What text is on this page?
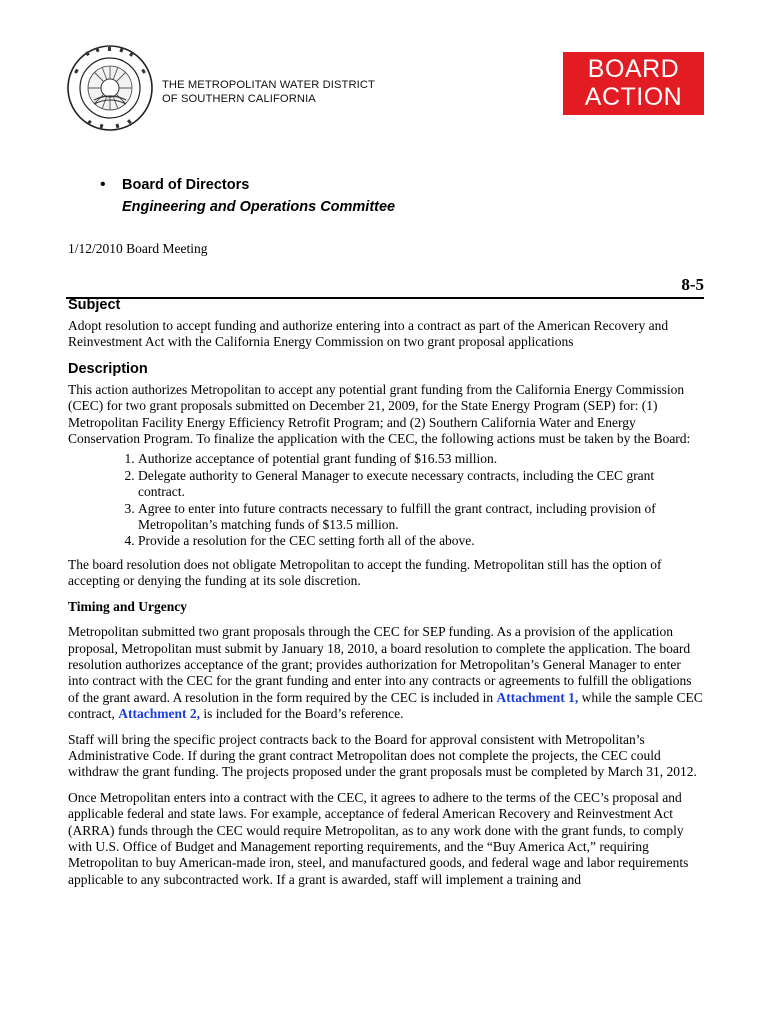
THE METROPOLITAN WATER DISTRICT
OF SOUTHERN CALIFORNIA
BOARD
ACTION
• Board of Directors
Engineering and Operations Committee
1/12/2010 Board Meeting
8-5
Subject

Adopt resolution to accept funding and authorize entering into a contract as part of the American Recovery and Reinvestment Act with the California Energy Commission on two grant proposal applications

Description

This action authorizes Metropolitan to accept any potential grant funding from the California Energy Commission (CEC) for two grant proposals submitted on December 21, 2009, for the State Energy Program (SEP) for: (1) Metropolitan Facility Energy Efficiency Retrofit Program; and (2) Southern California Water and Energy Conservation Program. To finalize the application with the CEC, the following actions must be taken by the Board:

1. Authorize acceptance of potential grant funding of $16.53 million.
2. Delegate authority to General Manager to execute necessary contracts, including the CEC grant contract.
3. Agree to enter into future contracts necessary to fulfill the grant contract, including provision of Metropolitan’s matching funds of $13.5 million.
4. Provide a resolution for the CEC setting forth all of the above.

The board resolution does not obligate Metropolitan to accept the funding. Metropolitan still has the option of accepting or denying the funding at its sole discretion.

Timing and Urgency

Metropolitan submitted two grant proposals through the CEC for SEP funding. As a provision of the application proposal, Metropolitan must submit by January 18, 2010, a board resolution to complete the application. The board resolution authorizes acceptance of the grant; provides authorization for Metropolitan’s General Manager to enter into contract with the CEC for the grant funding and enter into any contracts or agreements to fulfill the obligations of the grant award. A resolution in the form required by the CEC is included in Attachment 1, while the sample CEC contract, Attachment 2, is included for the Board’s reference.

Staff will bring the specific project contracts back to the Board for approval consistent with Metropolitan’s Administrative Code. If during the grant contract Metropolitan does not complete the projects, the CEC could withdraw the grant funding. The projects proposed under the grant proposals must be completed by March 31, 2012.

Once Metropolitan enters into a contract with the CEC, it agrees to adhere to the terms of the CEC’s proposal and applicable federal and state laws. For example, acceptance of federal American Recovery and Reinvestment Act (ARRA) funds through the CEC would require Metropolitan, as to any work done with the grant funds, to comply with U.S. Office of Budget and Management reporting requirements, and the “Buy America Act,” requiring Metropolitan to buy American-made iron, steel, and manufactured goods, and federal wage and labor requirements applicable to any subcontracted work. If a grant is awarded, staff will implement a training and
